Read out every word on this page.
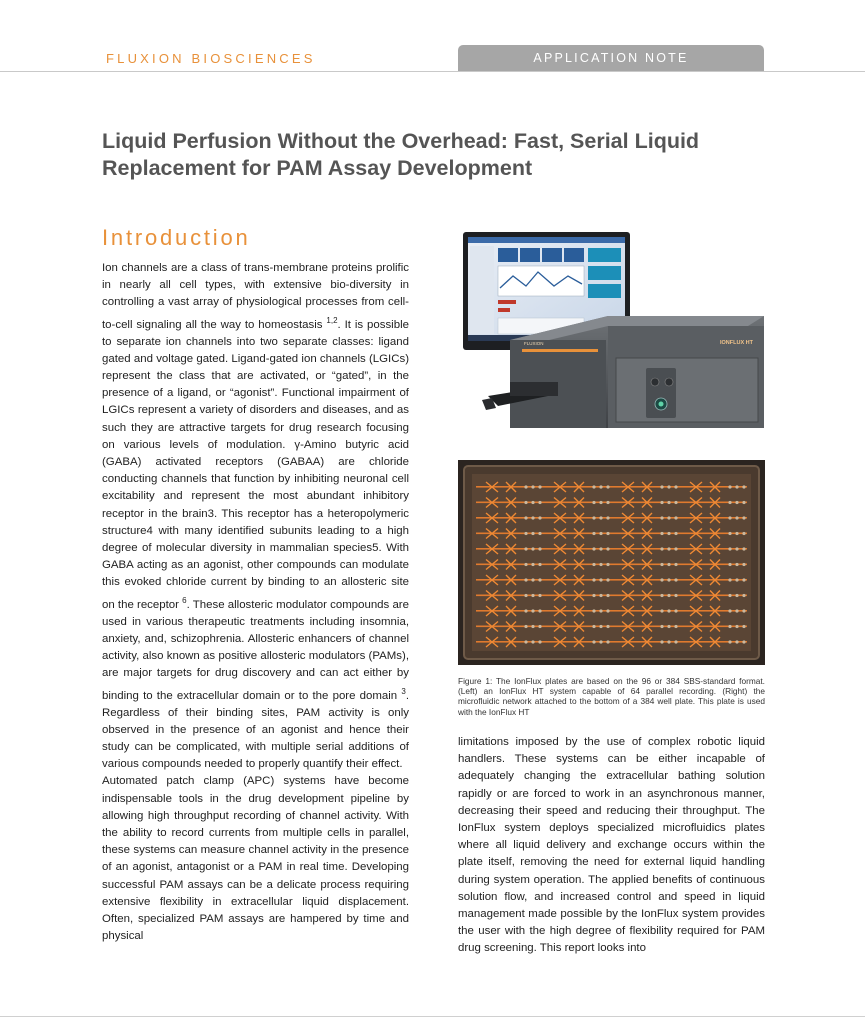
FLUXION BIOSCIENCES	APPLICATION NOTE
Liquid Perfusion Without the Overhead: Fast, Serial Liquid
Replacement for PAM Assay Development
Introduction

Ion channels are a class of trans-membrane proteins prolific in nearly all cell types, with extensive bio-diversity in controlling a vast array of physiological processes from cell-to-cell signaling all the way to homeostasis $^{1,2}$. It is possible to separate ion channels into two separate classes: ligand gated and voltage gated. Ligand-gated ion channels (LGICs) represent the class that are activated, or “gated”, in the presence of a ligand, or “agonist”. Functional impairment of LGICs represent a variety of disorders and diseases, and as such they are attractive targets for drug research focusing on various levels of modulation. γ-Amino butyric acid (GABA) activated receptors (GABAA) are chloride conducting channels that function by inhibiting neuronal cell excitability and represent the most abundant inhibitory receptor in the brain3. This receptor has a heteropolymeric structure4 with many identified subunits leading to a high degree of molecular diversity in mammalian species5. With GABA acting as an agonist, other compounds can modulate this evoked chloride current by binding to an allosteric site on the receptor $^6$. These allosteric modulator compounds are used in various therapeutic treatments including insomnia, anxiety, and, schizophrenia. Allosteric enhancers of channel activity, also known as positive allosteric modulators (PAMs), are major targets for drug discovery and can act either by binding to the extracellular domain or to the pore domain $^3$. Regardless of their binding sites, PAM activity is only observed in the presence of an agonist and hence their study can be complicated, with multiple serial additions of various compounds needed to properly quantify their effect.

Automated patch clamp (APC) systems have become indispensable tools in the drug development pipeline by allowing high throughput recording of channel activity. With the ability to record currents from multiple cells in parallel, these systems can measure channel activity in the presence of an agonist, antagonist or a PAM in real time. Developing successful PAM assays can be a delicate process requiring extensive flexibility in extracellular liquid displacement. Often, specialized PAM assays are hampered by time and physical

FLUXION	IONFLUX HT
Figure 1: The IonFlux plates are based on the 96 or 384 SBS-standard format. (Left) an IonFlux HT system capable of 64 parallel recording. (Right) the microfluidic network attached to the bottom of a 384 well plate. This plate is used with the IonFlux HT

limitations imposed by the use of complex robotic liquid handlers. These systems can be either incapable of adequately changing the extracellular bathing solution rapidly or are forced to work in an asynchronous manner, decreasing their speed and reducing their throughput. The IonFlux system deploys specialized microfluidics plates where all liquid delivery and exchange occurs within the plate itself, removing the need for external liquid handling during system operation. The applied benefits of continuous solution flow, and increased control and speed in liquid management made possible by the IonFlux system provides the user with the high degree of flexibility required for PAM drug screening. This report looks into
